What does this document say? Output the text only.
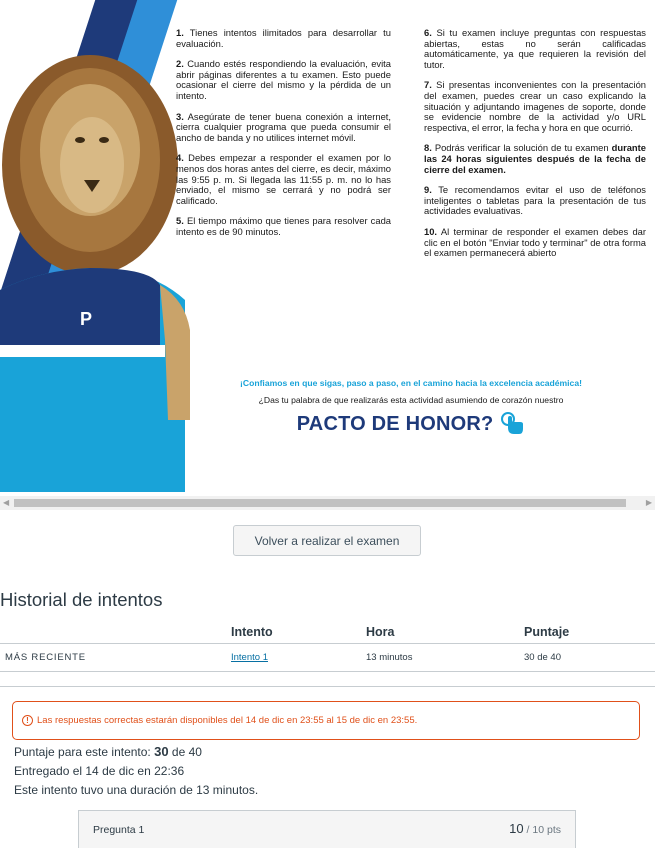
P
1. Tienes intentos ilimitados para desarrollar tu evaluación.
2. Cuando estés respondiendo la evaluación, evita abrir páginas diferentes a tu examen. Esto puede ocasionar el cierre del mismo y la pérdida de un intento.
3. Asegúrate de tener buena conexión a internet, cierra cualquier programa que pueda consumir el ancho de banda y no utilices internet móvil.
4. Debes empezar a responder el examen por lo menos dos horas antes del cierre, es decir, máximo las 9:55 p. m. Si llegada las 11:55 p. m. no lo has enviado, el mismo se cerrará y no podrá ser calificado.
5. El tiempo máximo que tienes para resolver cada intento es de 90 minutos.
6. Si tu examen incluye preguntas con respuestas abiertas, estas no serán calificadas automáticamente, ya que requieren la revisión del tutor.
7. Si presentas inconvenientes con la presentación del examen, puedes crear un caso explicando la situación y adjuntando imagenes de soporte, donde se evidencie nombre de la actividad y/o URL respectiva, el error, la fecha y hora en que ocurrió.
8. Podrás verificar la solución de tu examen durante las 24 horas siguientes después de la fecha de cierre del examen.
9. Te recomendamos evitar el uso de teléfonos inteligentes o tabletas para la presentación de tus actividades evaluativas.
10. Al terminar de responder el examen debes dar clic en el botón "Enviar todo y terminar" de otra forma el examen permanecerá abierto
¡Confiamos en que sigas, paso a paso, en el camino hacia la excelencia académica!
¿Das tu palabra de que realizarás esta actividad asumiendo de corazón nuestro
PACTO DE HONOR?
◀	▶
Volver a realizar el examen
Historial de intentos
Intento	Hora	Puntaje
MÁS RECIENTE	Intento 1	13 minutos	30 de 40
! Las respuestas correctas estarán disponibles del 14 de dic en 23:55 al 15 de dic en 23:55.
Puntaje para este intento: 30 de 40
Entregado el 14 de dic en 22:36
Este intento tuvo una duración de 13 minutos.
Pregunta 1	10 / 10 pts
